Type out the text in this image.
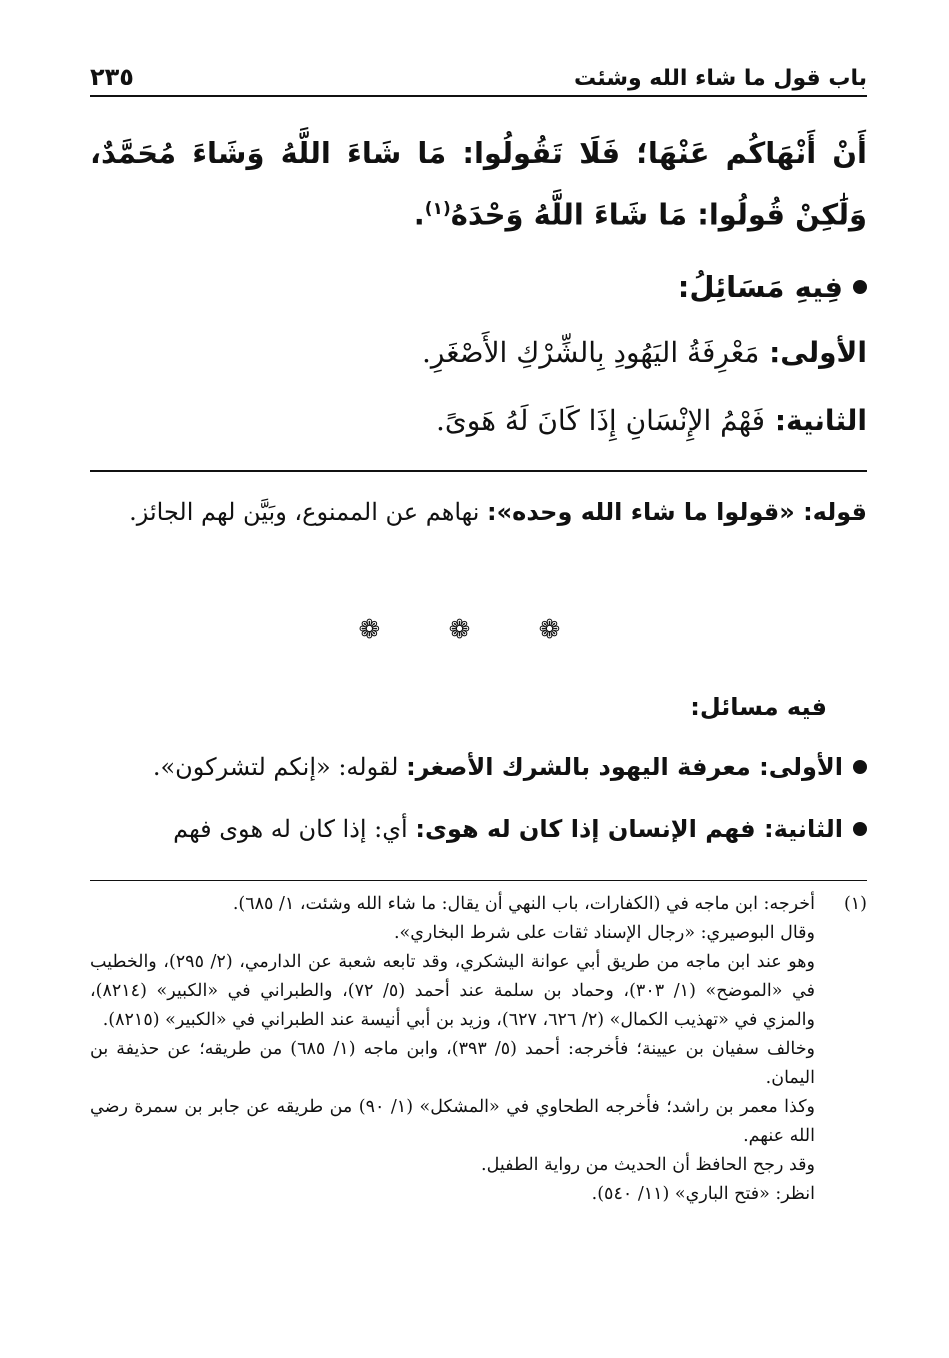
باب قول ما شاء الله وشئت
٢٣٥

أَنْ أَنْهَاكُم عَنْهَا؛ فَلَا تَقُولُوا: مَا شَاءَ اللَّهُ وَشَاءَ مُحَمَّدٌ، وَلَٰكِنْ قُولُوا: مَا شَاءَ اللَّهُ وَحْدَهُ$^{(١)}$.

فِيهِ مَسَائِلُ:

الأولى: مَعْرِفَةُ اليَهُودِ بِالشِّرْكِ الأَصْغَرِ.

الثانية: فَهْمُ الإِنْسَانِ إِذَا كَانَ لَهُ هَوىً.

قوله: «قولوا ما شاء الله وحده»: نهاهم عن الممنوع، وبَيَّن لهم الجائز.
❁ ❁ ❁
فيه مسائل:
الأولى: معرفة اليهود بالشرك الأصغر: لقوله: «إنكم لتشركون».
الثانية: فهم الإنسان إذا كان له هوى: أي: إذا كان له هوى فهم
(١)

أخرجه: ابن ماجه في (الكفارات، باب النهي أن يقال: ما شاء الله وشئت، ١/ ٦٨٥).

وقال البوصيري: «رجال الإسناد ثقات على شرط البخاري».

وهو عند ابن ماجه من طريق أبي عوانة اليشكري، وقد تابعه شعبة عن الدارمي، (٢/ ٢٩٥)، والخطيب في «الموضح» (١/ ٣٠٣)، وحماد بن سلمة عند أحمد (٥/ ٧٢)، والطبراني في «الكبير» (٨٢١٤)، والمزي في «تهذيب الكمال» (٢/ ٦٢٦، ٦٢٧)، وزيد بن أبي أنيسة عند الطبراني في «الكبير» (٨٢١٥).

وخالف سفيان بن عيينة؛ فأخرجه: أحمد (٥/ ٣٩٣)، وابن ماجه (١/ ٦٨٥) من طريقه؛ عن حذيفة بن اليمان.

وكذا معمر بن راشد؛ فأخرجه الطحاوي في «المشكل» (١/ ٩٠) من طريقه عن جابر بن سمرة رضي الله عنهم.

وقد رجح الحافظ أن الحديث من رواية الطفيل.

انظر: «فتح الباري» (١١/ ٥٤٠).
